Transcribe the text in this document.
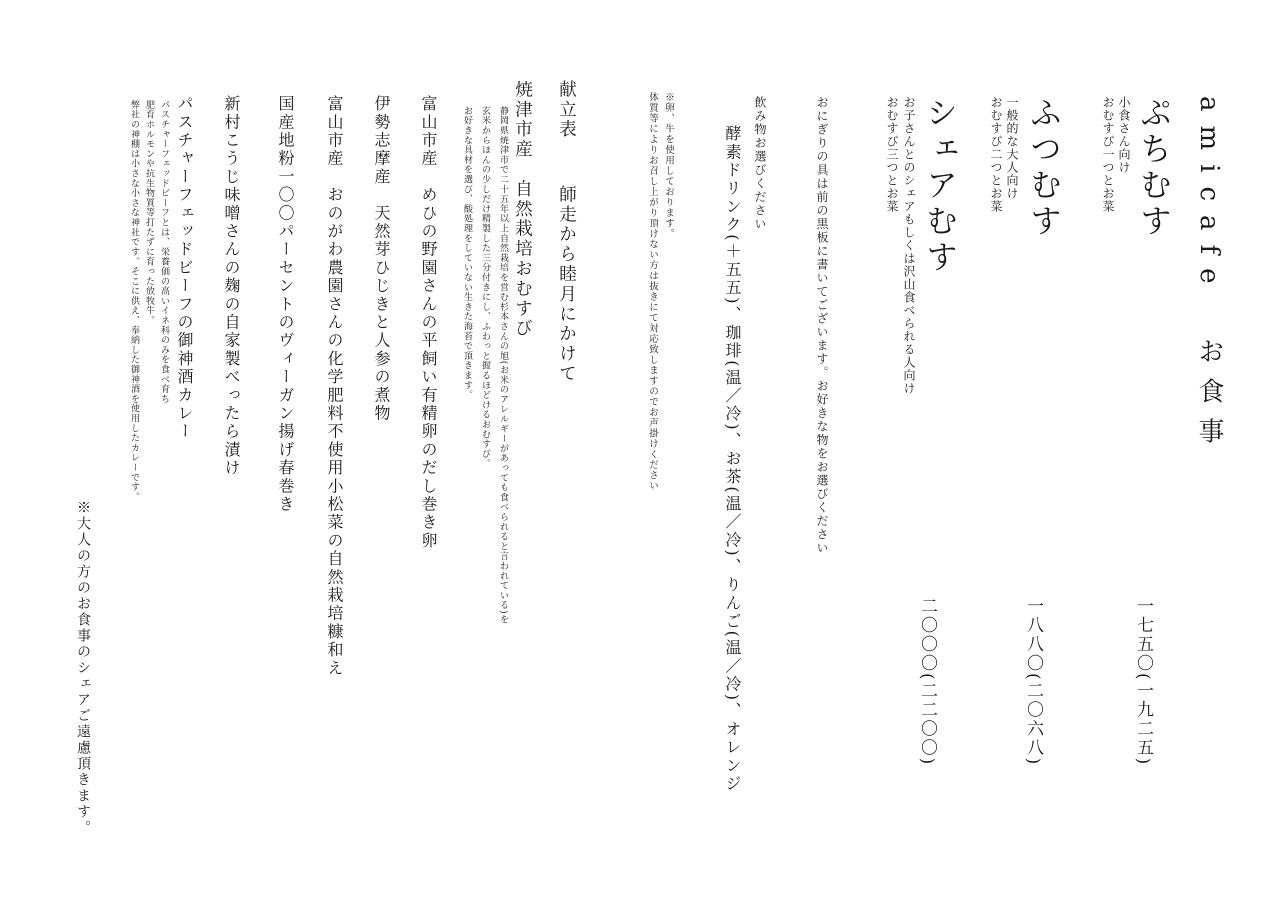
amicafe　お食事
ぷちむす
小食さん向け
おむすび一つとお菜
一七五〇(一九二五)
ふつむす
一般的な大人向け
おむすび二つとお菜
一八八〇(二〇六八)
シェアむす
お子さんとのシェアもしくは沢山食べられる人向け
おむすび三つとお菜
二〇〇〇(二二〇〇)
おにぎりの具は前の黒板に書いてございます。お好きな物をお選びください
飲み物お選びください
酵素ドリンク(＋五五)、珈琲(温／冷)、お茶(温／冷)、りんご(温／冷)、オレンジ
※卵、牛を使用しております。
体質等によりお召し上がり頂けない方は抜きにて対応致しますのでお声掛けください
献立表
師走から睦月にかけて
焼津市産　自然栽培おむすび
静岡県焼津市で二十五年以上自然栽培を営む杉本さんの旭(お米のアレルギーがあっても食べられると言われている)を
玄米からほんの少しだけ精製した三分付きにし、ふわっと握るほどけるおむすび。
お好きな具材を選び、酸処理をしていない生きた海苔で頂きます。
富山市産　めひの野園さんの平飼い有精卵のだし巻き卵
伊勢志摩産　天然芽ひじきと人参の煮物
富山市産　おのがわ農園さんの化学肥料不使用小松菜の自然栽培糠和え
国産地粉一〇〇パーセントのヴィーガン揚げ春巻き
新村こうじ味噌さんの麹の自家製べったら漬け
パスチャーフェッドビーフの御神酒カレー
パスチャーフェッドビーフとは、栄養価の高いイネ科のみを食べ育ち
肥育ホルモンや抗生物質等打たずに育った放牧牛。
弊社の神棚は小さな小さな神社です。そこに供え、奉納した御神酒を使用したカレーです。
※大人の方のお食事のシェアご遠慮頂きます。
